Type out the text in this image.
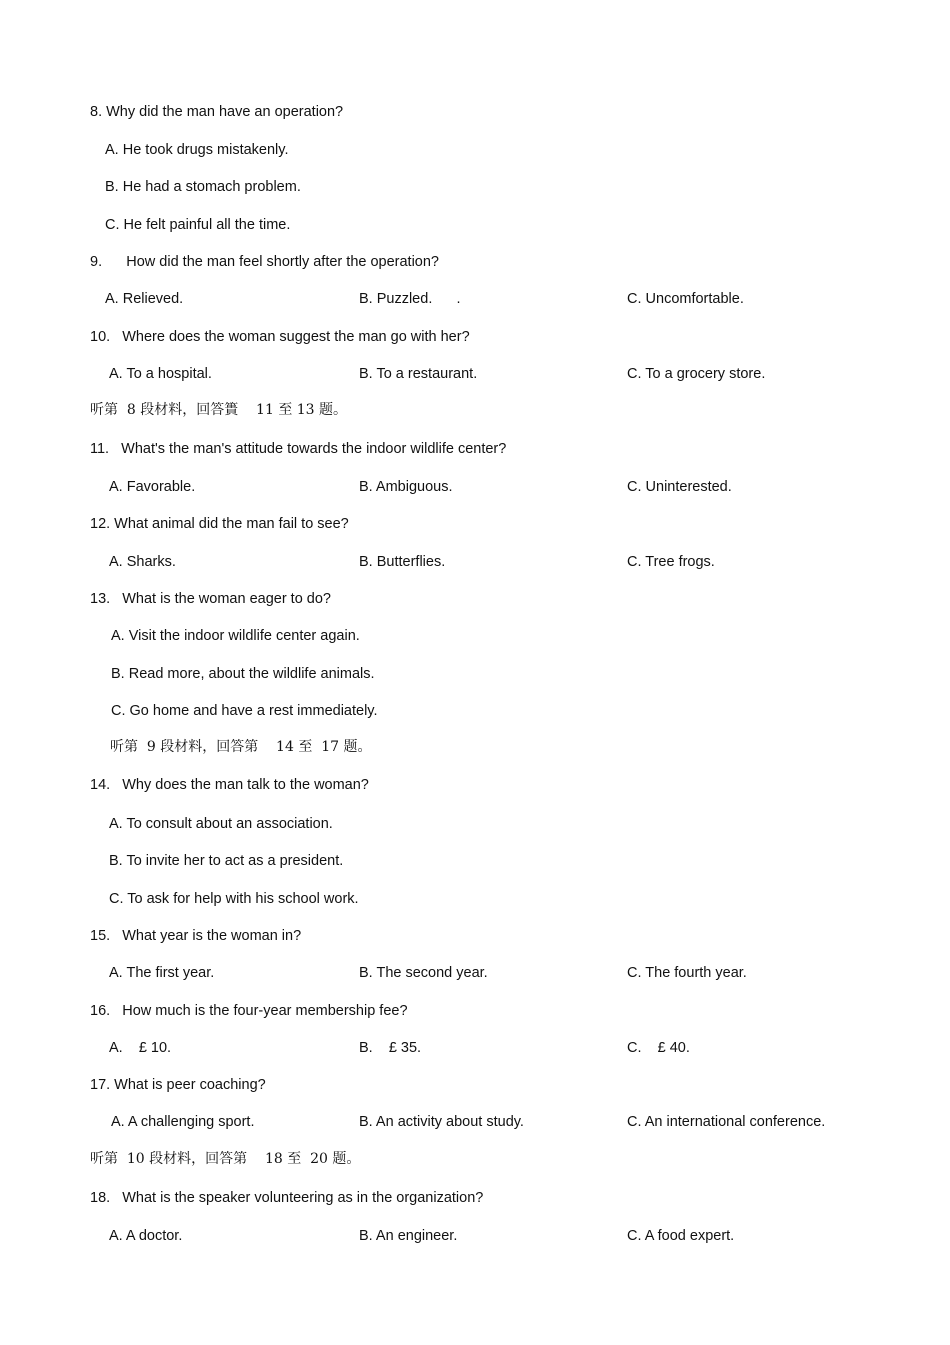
8. Why did the man have an operation?
A. He took drugs mistakenly.
B. He had a stomach problem.
C. He felt painful all the time.
9.      How did the man feel shortly after the operation?
A. Relieved.	B. Puzzled.      .	C. Uncomfortable.
10.   Where does the woman suggest the man go with her?
A. To a hospital.	B. To a restaurant.	C. To a grocery store.
听第  8 段材料，回答簣    11 至 13 题。
11.   What's the man's attitude towards the indoor wildlife center?
A. Favorable.	B. Ambiguous.	C. Uninterested.
12. What animal did the man fail to see?
A. Sharks.	B. Butterflies.	C. Tree frogs.
13.   What is the woman eager to do?
A. Visit the indoor wildlife center again.
B. Read more, about the wildlife animals.
C. Go home and have a rest immediately.
听第  9 段材料，回答第    14 至  17 题。
14.   Why does the man talk to the woman?
A. To consult about an association.
B. To invite her to act as a president.
C. To ask for help with his school work.
15.   What year is the woman in?
A. The first year.	B. The second year.	C. The fourth year.
16.   How much is the four-year membership fee?
A.    £ 10.	B.    £ 35.	C.    £ 40.
17. What is peer coaching?
A. A challenging sport.	B. An activity about study.	C. An international conference.
听第  10 段材料，回答第    18 至  20 题。
18.   What is the speaker volunteering as in the organization?
A. A doctor.	B. An engineer.	C. A food expert.
